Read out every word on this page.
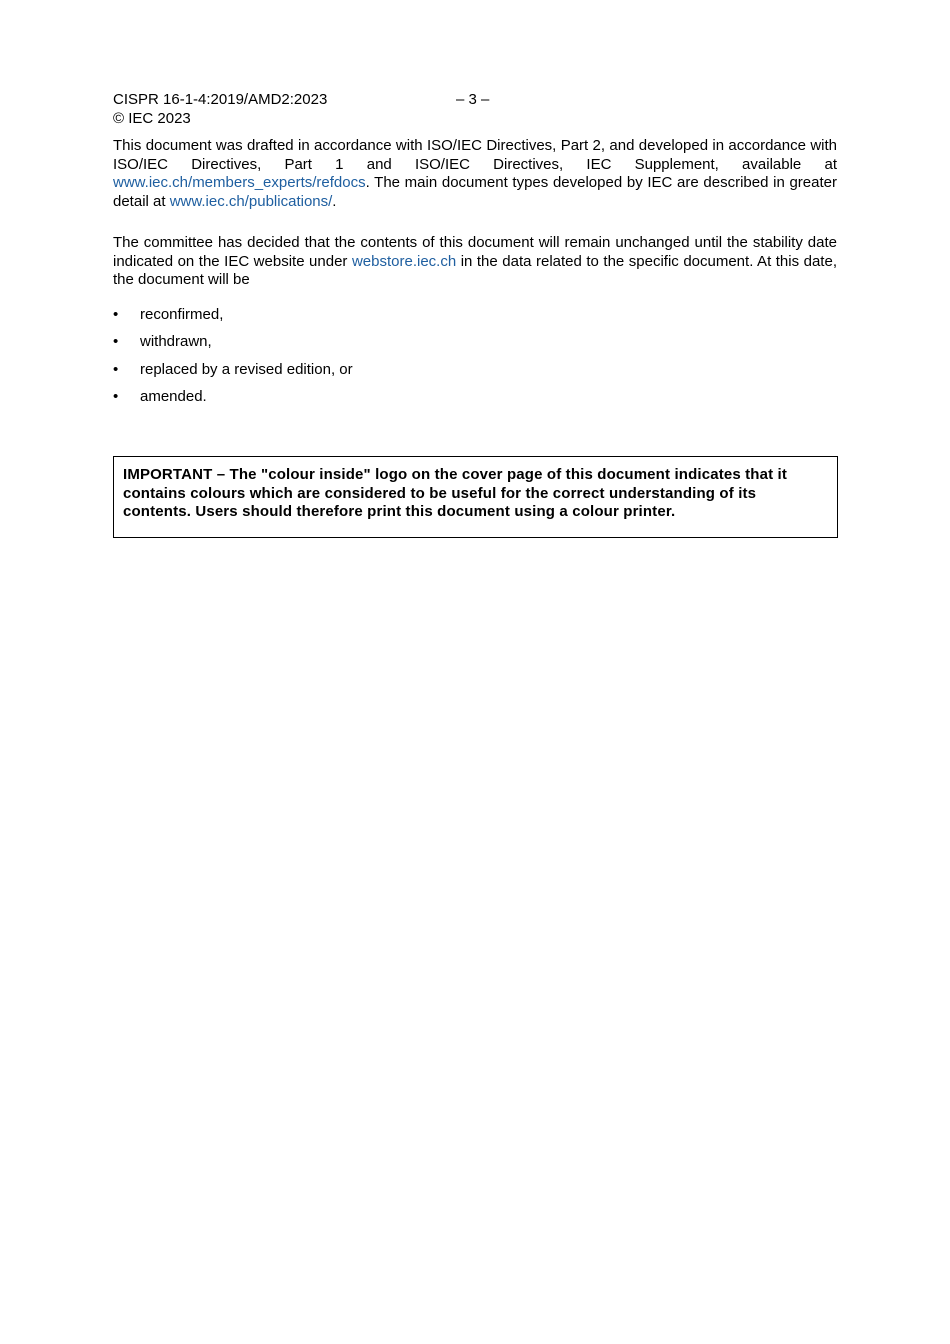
CISPR 16-1-4:2019/AMD2:2023
© IEC 2023
– 3 –
This document was drafted in accordance with ISO/IEC Directives, Part 2, and developed in accordance with ISO/IEC Directives, Part 1 and ISO/IEC Directives, IEC Supplement, available at www.iec.ch/members_experts/refdocs. The main document types developed by IEC are described in greater detail at www.iec.ch/publications/.
The committee has decided that the contents of this document will remain unchanged until the stability date indicated on the IEC website under webstore.iec.ch in the data related to the specific document. At this date, the document will be
• reconfirmed,
• withdrawn,
• replaced by a revised edition, or
• amended.
IMPORTANT – The "colour inside" logo on the cover page of this document indicates that it contains colours which are considered to be useful for the correct understanding of its contents. Users should therefore print this document using a colour printer.
